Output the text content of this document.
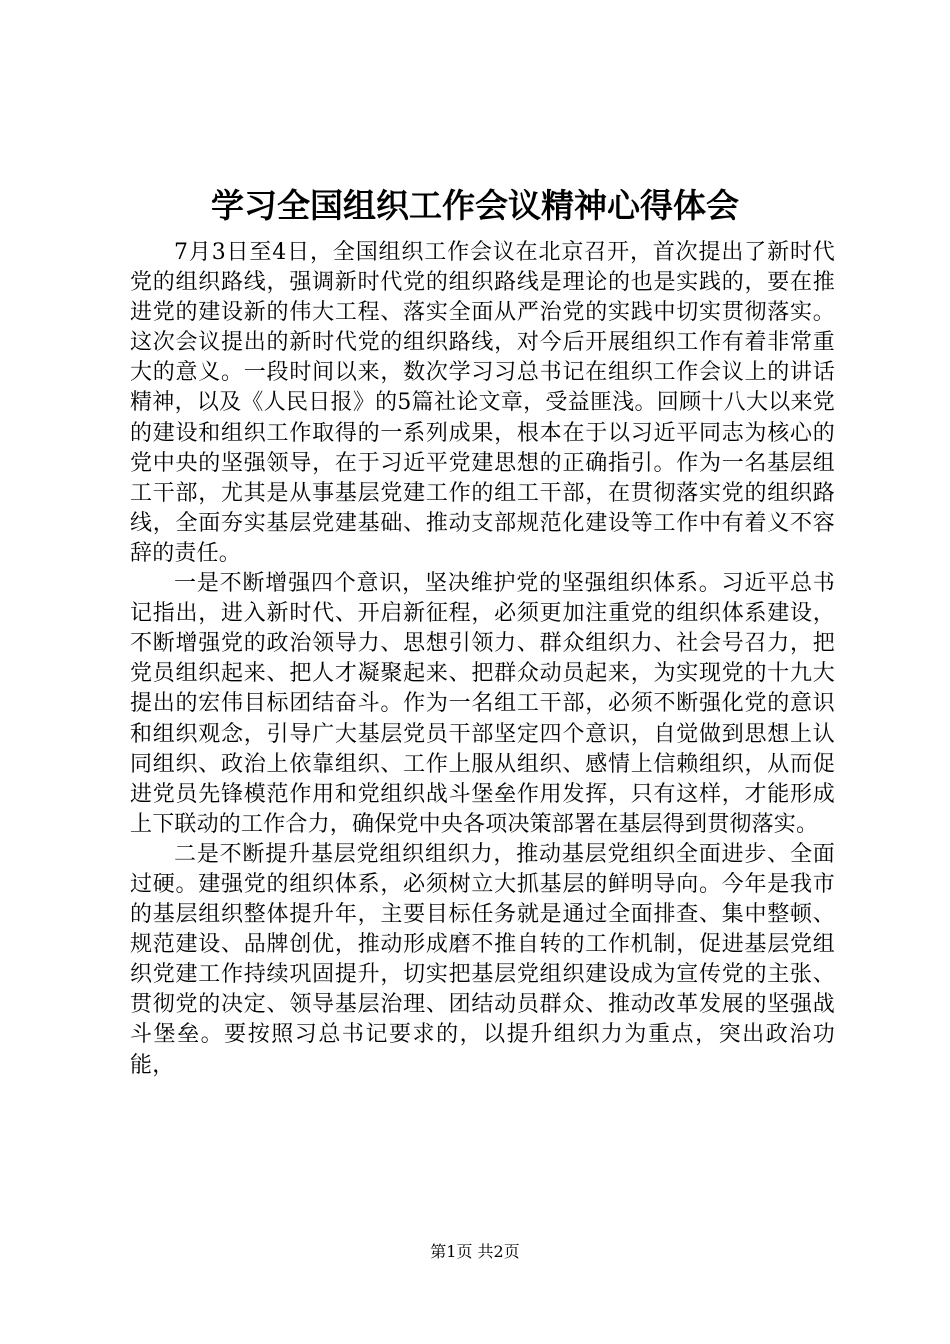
学习全国组织工作会议精神心得体会

7月3日至4日，全国组织工作会议在北京召开，首次提出了新时代党的组织路线，强调新时代党的组织路线是理论的也是实践的，要在推进党的建设新的伟大工程、落实全面从严治党的实践中切实贯彻落实。这次会议提出的新时代党的组织路线，对今后开展组织工作有着非常重大的意义。一段时间以来，数次学习习总书记在组织工作会议上的讲话精神，以及《人民日报》的5篇社论文章，受益匪浅。回顾十八大以来党的建设和组织工作取得的一系列成果，根本在于以习近平同志为核心的党中央的坚强领导，在于习近平党建思想的正确指引。作为一名基层组工干部，尤其是从事基层党建工作的组工干部，在贯彻落实党的组织路线，全面夯实基层党建基础、推动支部规范化建设等工作中有着义不容辞的责任。

一是不断增强四个意识，坚决维护党的坚强组织体系。习近平总书记指出，进入新时代、开启新征程，必须更加注重党的组织体系建设，不断增强党的政治领导力、思想引领力、群众组织力、社会号召力，把党员组织起来、把人才凝聚起来、把群众动员起来，为实现党的十九大提出的宏伟目标团结奋斗。作为一名组工干部，必须不断强化党的意识和组织观念，引导广大基层党员干部坚定四个意识，自觉做到思想上认同组织、政治上依靠组织、工作上服从组织、感情上信赖组织，从而促进党员先锋模范作用和党组织战斗堡垒作用发挥，只有这样，才能形成上下联动的工作合力，确保党中央各项决策部署在基层得到贯彻落实。

二是不断提升基层党组织组织力，推动基层党组织全面进步、全面过硬。建强党的组织体系，必须树立大抓基层的鲜明导向。今年是我市的基层组织整体提升年，主要目标任务就是通过全面排查、集中整顿、规范建设、品牌创优，推动形成磨不推自转的工作机制，促进基层党组织党建工作持续巩固提升，切实把基层党组织建设成为宣传党的主张、贯彻党的决定、领导基层治理、团结动员群众、推动改革发展的坚强战斗堡垒。要按照习总书记要求的，以提升组织力为重点，突出政治功能，

第1页 共2页
